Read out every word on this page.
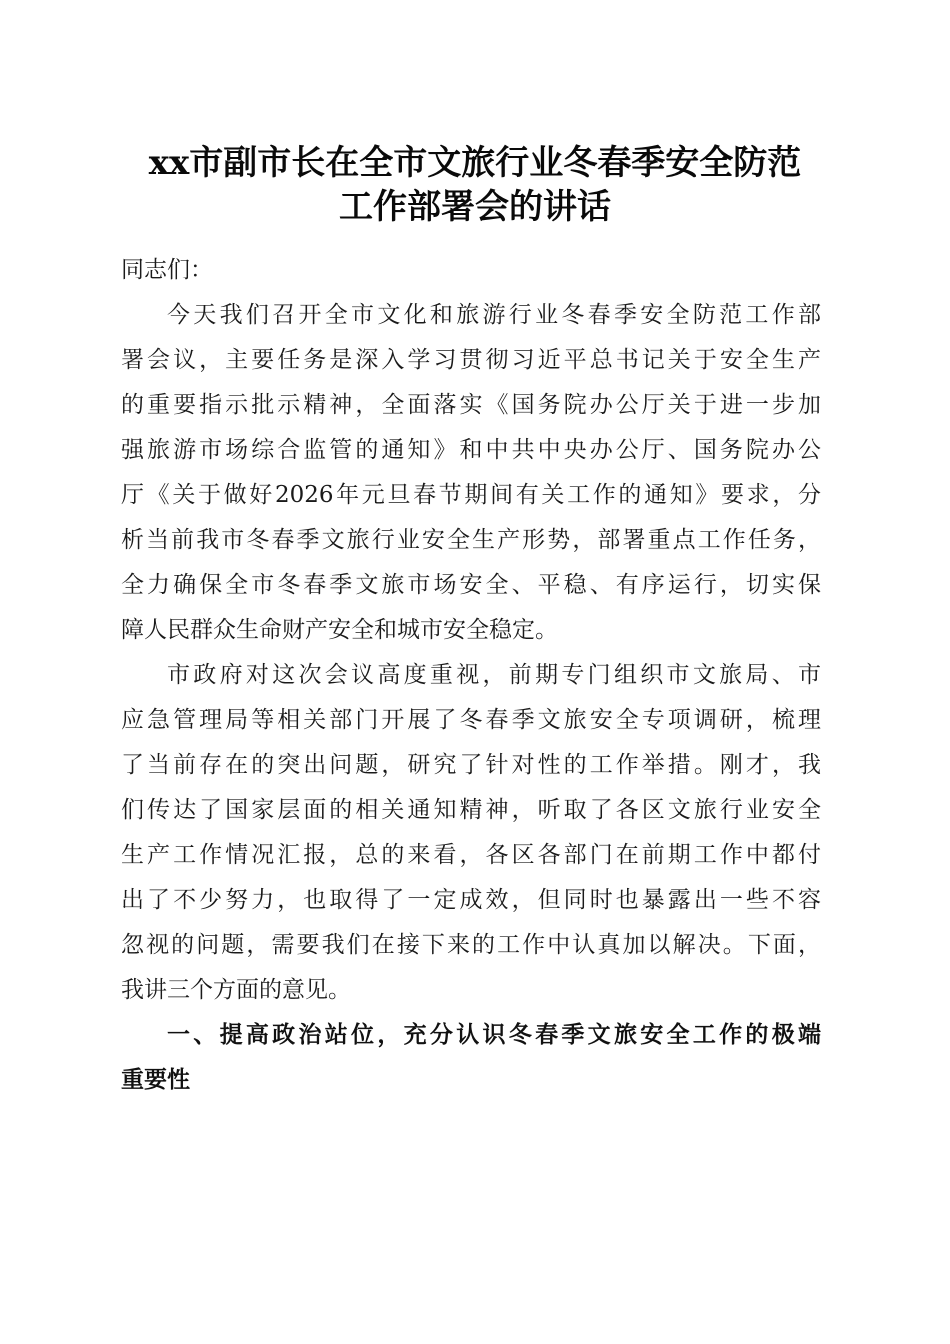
xx市副市长在全市文旅行业冬春季安全防范
工作部署会的讲话
同志们：
今天我们召开全市文化和旅游行业冬春季安全防范工作部
署会议，主要任务是深入学习贯彻习近平总书记关于安全生产
的重要指示批示精神，全面落实《国务院办公厅关于进一步加
强旅游市场综合监管的通知》和中共中央办公厅、国务院办公
厅《关于做好2026年元旦春节期间有关工作的通知》要求，分
析当前我市冬春季文旅行业安全生产形势，部署重点工作任务，
全力确保全市冬春季文旅市场安全、平稳、有序运行，切实保
障人民群众生命财产安全和城市安全稳定。
市政府对这次会议高度重视，前期专门组织市文旅局、市
应急管理局等相关部门开展了冬春季文旅安全专项调研，梳理
了当前存在的突出问题，研究了针对性的工作举措。刚才，我
们传达了国家层面的相关通知精神，听取了各区文旅行业安全
生产工作情况汇报，总的来看，各区各部门在前期工作中都付
出了不少努力，也取得了一定成效，但同时也暴露出一些不容
忽视的问题，需要我们在接下来的工作中认真加以解决。下面，
我讲三个方面的意见。
一、提高政治站位，充分认识冬春季文旅安全工作的极端
重要性
